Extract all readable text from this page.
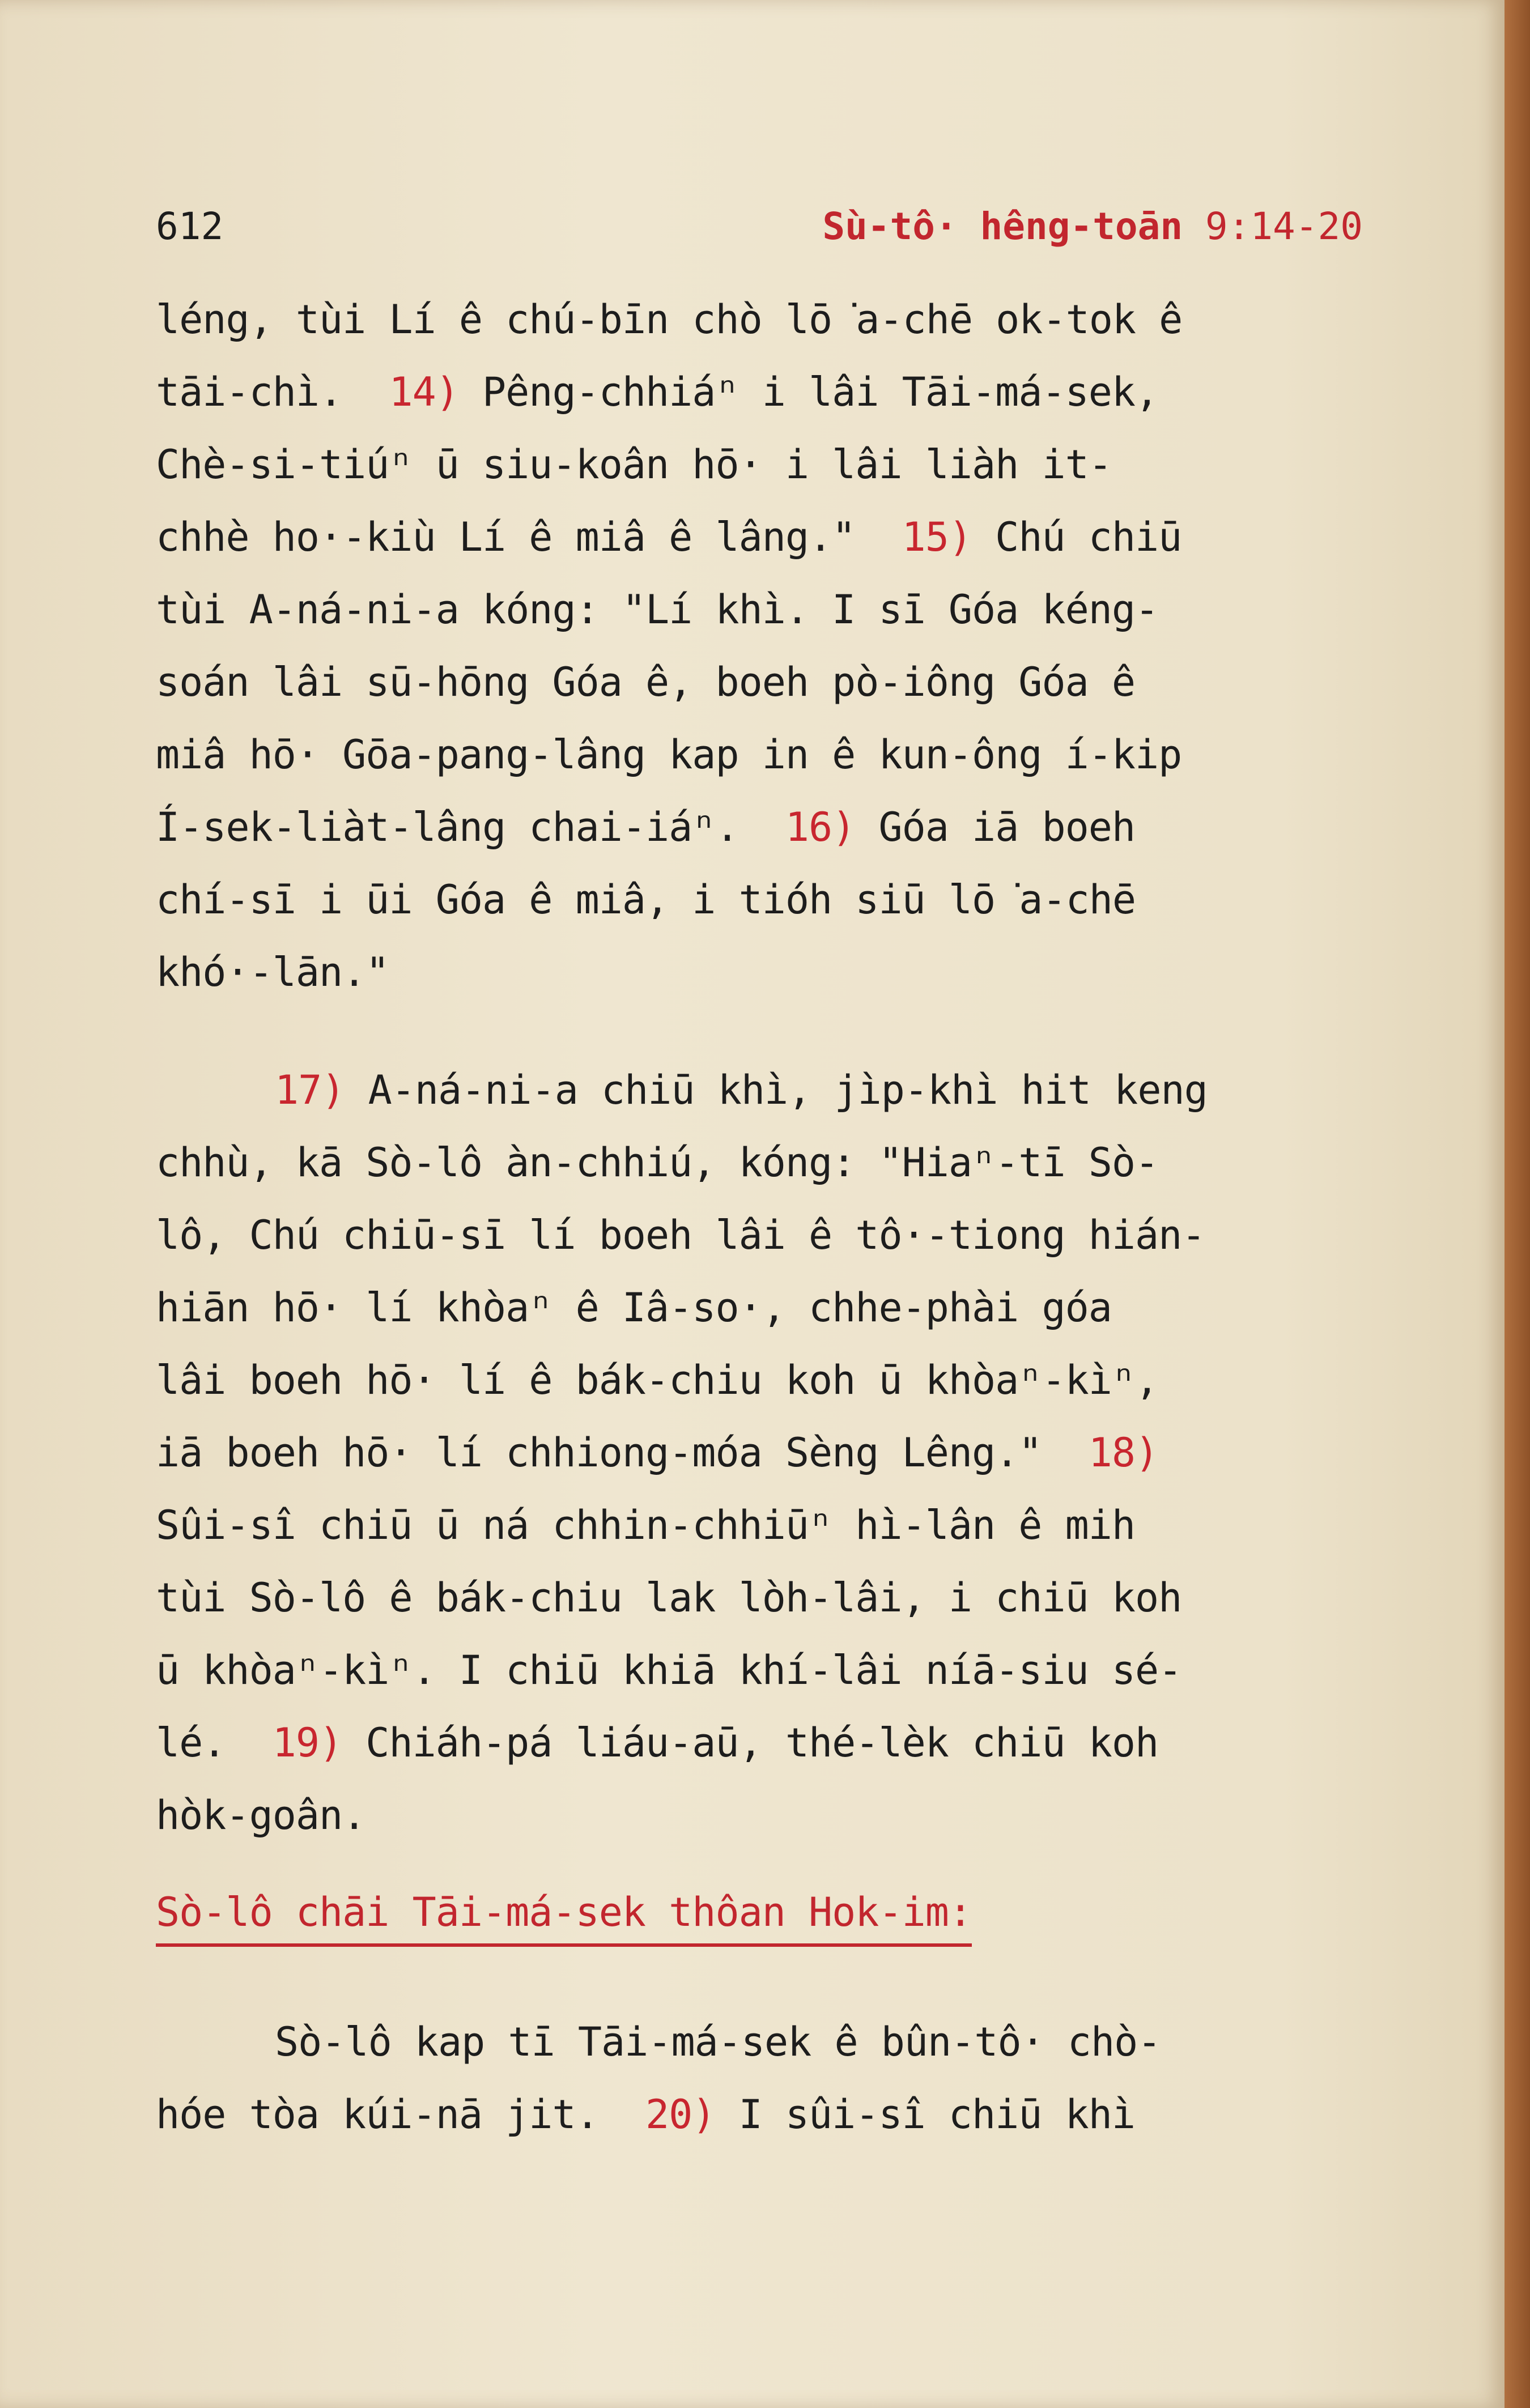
612	Sù-tô· hêng-toān 9:14-20
léng, tùi Lí ê chú-bīn chò lō͘a-chē ok-tok ê
tāi-chì.  14) Pêng-chhiáⁿ i lâi Tāi-má-sek,
Chè-si-tiúⁿ ū siu-koân hō· i lâi liàh it-
chhè ho·-kiù Lí ê miâ ê lâng."  15) Chú chiū
tùi A-ná-ni-a kóng: "Lí khì. I sī Góa kéng-
soán lâi sū-hōng Góa ê, boeh pò-iông Góa ê
miâ hō· Gōa-pang-lâng kap in ê kun-ông í-kip
Í-sek-liàt-lâng chai-iáⁿ.  16) Góa iā boeh
chí-sī i ūi Góa ê miâ, i tióh siū lō͘a-chē
khó·-lān."
17) A-ná-ni-a chiū khì, jìp-khì hit keng
chhù, kā Sò-lô àn-chhiú, kóng: "Hiaⁿ-tī Sò-
lô, Chú chiū-sī lí boeh lâi ê tô·-tiong hián-
hiān hō· lí khòaⁿ ê Iâ-so·, chhe-phài góa
lâi boeh hō· lí ê bák-chiu koh ū khòaⁿ-kìⁿ,
iā boeh hō· lí chhiong-móa Sèng Lêng."  18)
Sûi-sî chiū ū ná chhin-chhiūⁿ hì-lân ê mih
tùi Sò-lô ê bák-chiu lak lòh-lâi, i chiū koh
ū khòaⁿ-kìⁿ. I chiū khiā khí-lâi níā-siu sé-
lé.  19) Chiáh-pá liáu-aū, thé-lèk chiū koh
hòk-goân.
Sò-lô chāi Tāi-má-sek thôan Hok-im:
Sò-lô kap tī Tāi-má-sek ê bûn-tô· chò-
hóe tòa kúi-nā jit.  20) I sûi-sî chiū khì
